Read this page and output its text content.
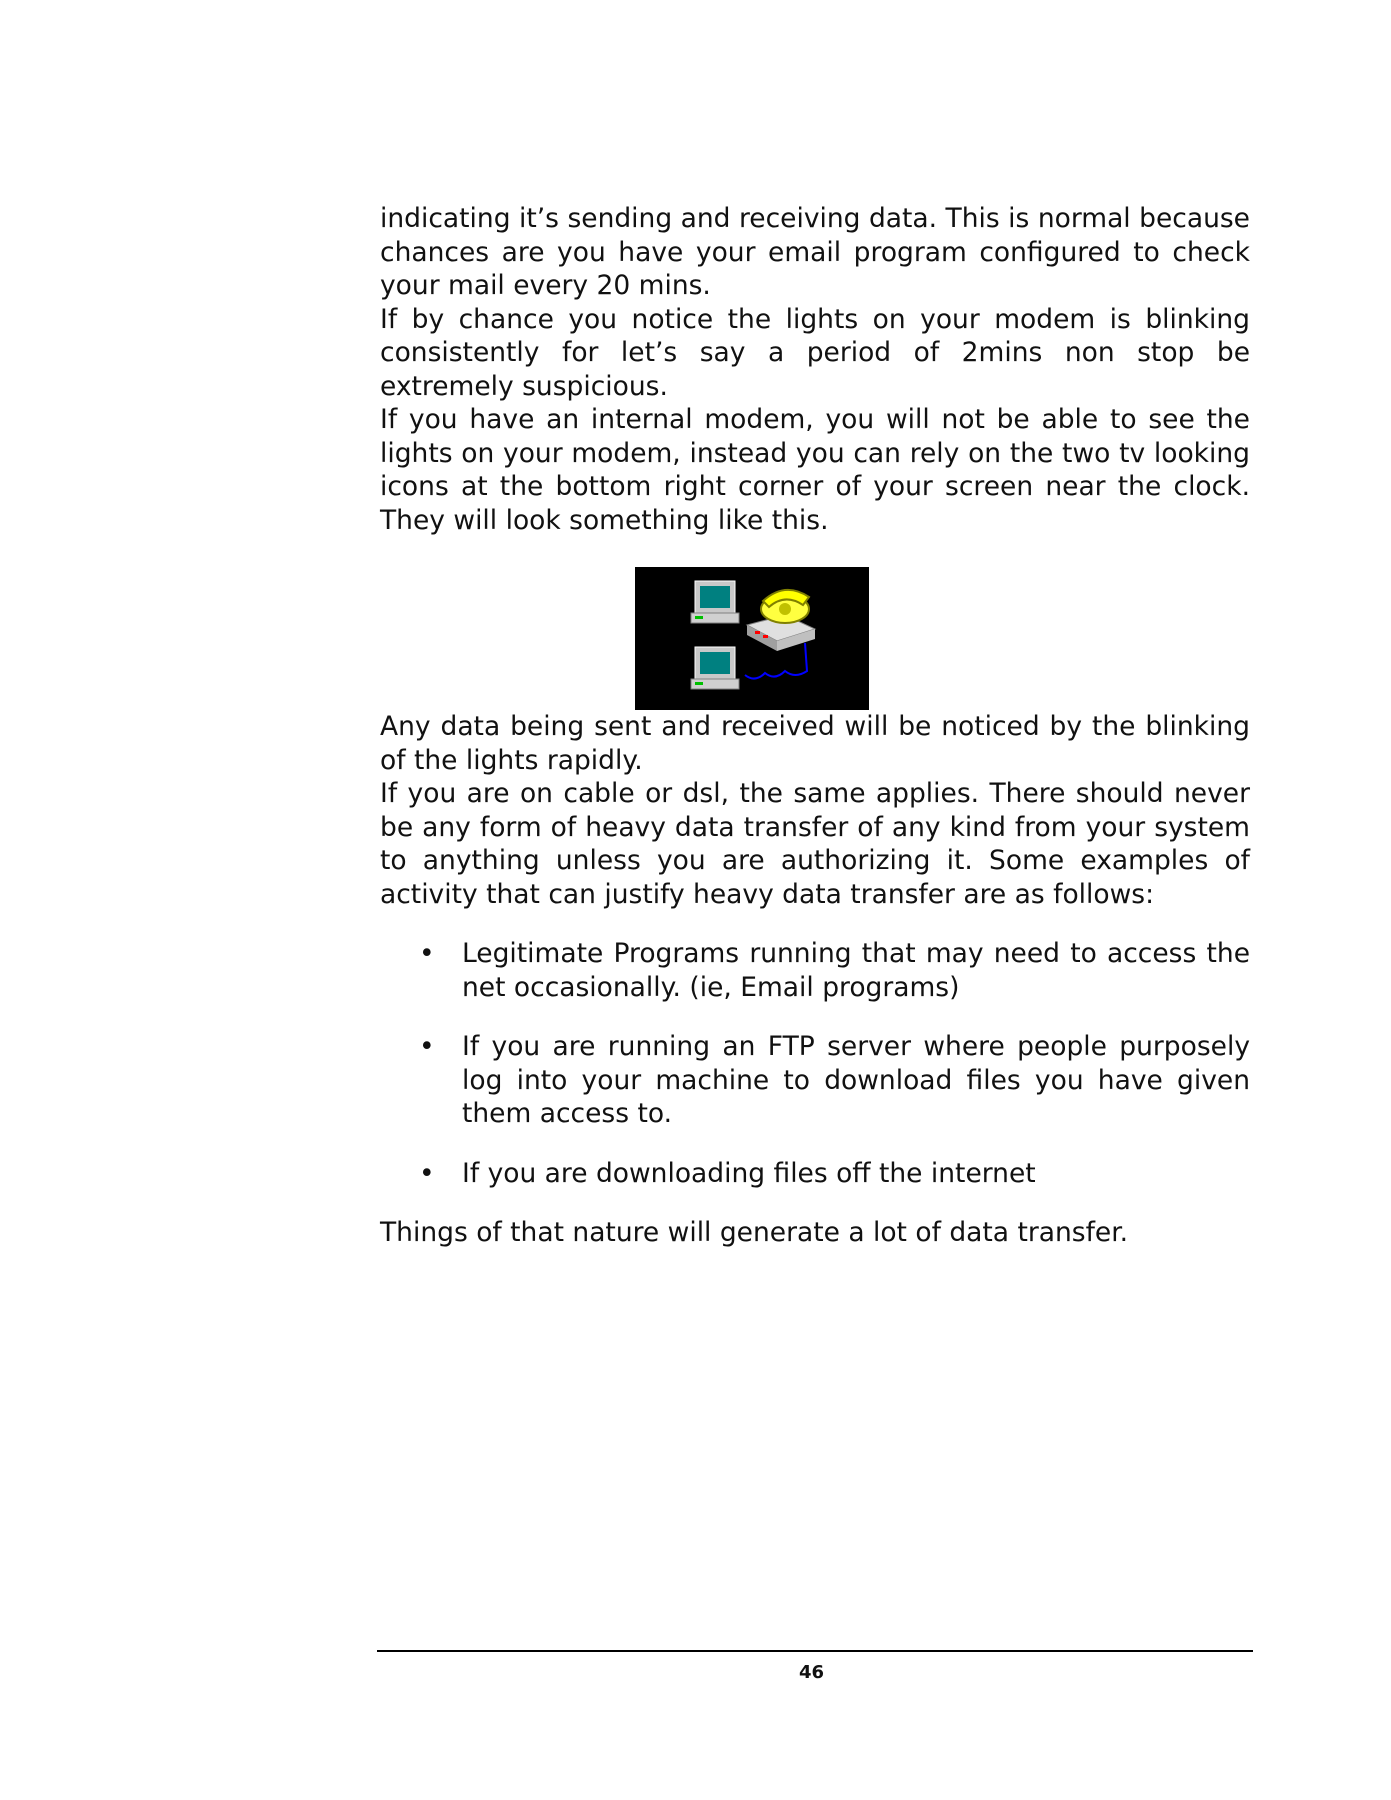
indicating it’s sending and receiving data. This is normal because chances are you have your email program configured to check your mail every 20 mins.

If by chance you notice the lights on your modem is blinking consistently for let’s say a period of 2mins non stop be extremely suspicious.

If you have an internal modem, you will not be able to see the lights on your modem, instead you can rely on the two tv looking icons at the bottom right corner of your screen near the clock. They will look something like this.

Any data being sent and received will be noticed by the blinking of the lights rapidly.

If you are on cable or dsl, the same applies. There should never be any form of heavy data transfer of any kind from your system to anything unless you are authorizing it. Some examples of activity that can justify heavy data transfer are as follows:

• Legitimate Programs running that may need to access the net occasionally. (ie, Email programs)
• If you are running an FTP server where people purposely log into your machine to download files you have given them access to.
• If you are downloading files off the internet

Things of that nature will generate a lot of data transfer.

46
